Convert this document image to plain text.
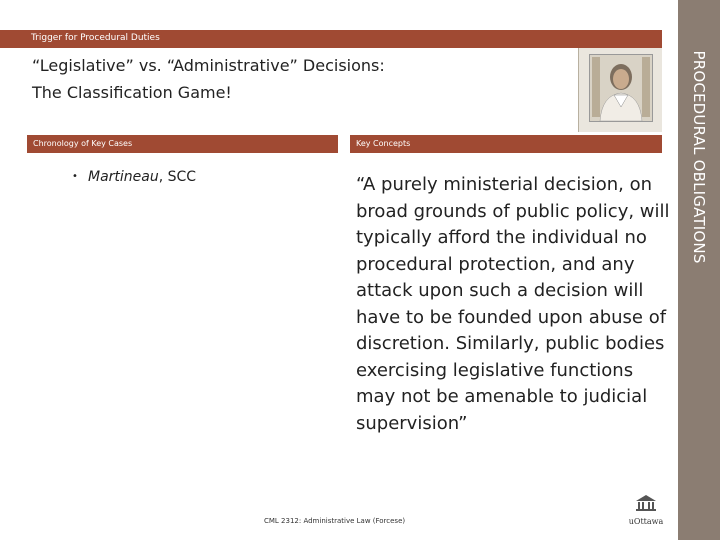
Trigger for Procedural Duties
“Legislative” vs. “Administrative” Decisions:
The Classification Game!	PROCEDURAL OBLIGATIONS
Chronology of Key Cases	Key Concepts
• Martineau, SCC	“A purely ministerial decision, on broad grounds of public policy, will typically afford the individual no procedural protection, and any attack upon such a decision will have to be founded upon abuse of discretion. Similarly, public bodies exercising legislative functions may not be amenable to judicial supervision”
CML 2312: Administrative Law (Forcese)	uOttawa
